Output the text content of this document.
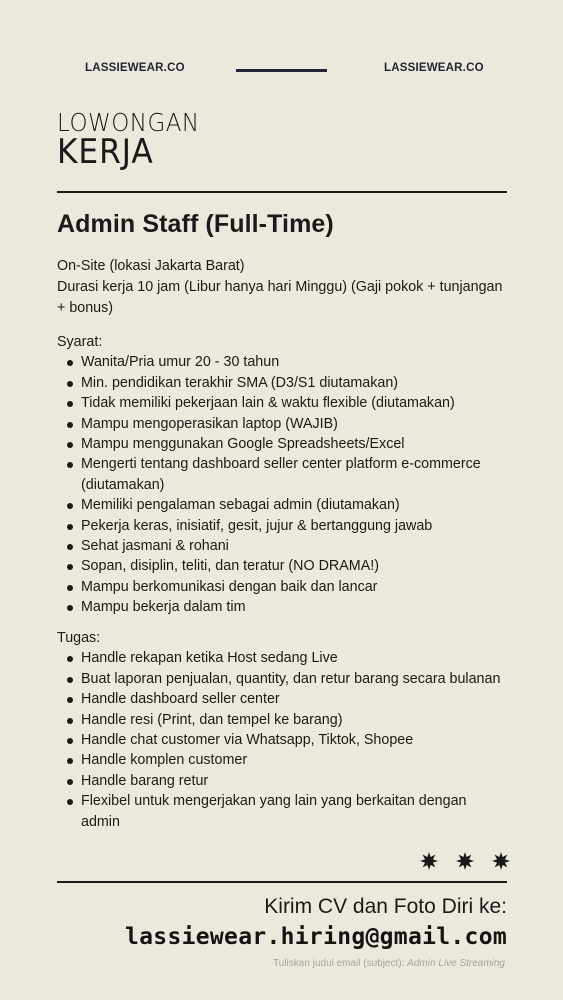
LASSIEWEAR.CO	LASSIEWEAR.CO
LOWONGAN
KERJA
Admin Staff (Full-Time)
On-Site (lokasi Jakarta Barat)
Durasi kerja 10 jam (Libur hanya hari Minggu) (Gaji pokok + tunjangan + bonus)
Syarat:
Wanita/Pria umur 20 - 30 tahun
Min. pendidikan terakhir SMA (D3/S1 diutamakan)
Tidak memiliki pekerjaan lain & waktu flexible (diutamakan)
Mampu mengoperasikan laptop (WAJIB)
Mampu menggunakan Google Spreadsheets/Excel
Mengerti tentang dashboard seller center platform e-commerce (diutamakan)
Memiliki pengalaman sebagai admin (diutamakan)
Pekerja keras, inisiatif, gesit, jujur & bertanggung jawab
Sehat jasmani & rohani
Sopan, disiplin, teliti, dan teratur (NO DRAMA!)
Mampu berkomunikasi dengan baik dan lancar
Mampu bekerja dalam tim
Tugas:
Handle rekapan ketika Host sedang Live
Buat laporan penjualan, quantity, dan retur barang secara bulanan
Handle dashboard seller center
Handle resi (Print, dan tempel ke barang)
Handle chat customer via Whatsapp, Tiktok, Shopee
Handle komplen customer
Handle barang retur
Flexibel untuk mengerjakan yang lain yang berkaitan dengan admin
Kirim CV dan Foto Diri ke:
lassiewear.hiring@gmail.com
Tuliskan judul email (subject): Admin Live Streaming
